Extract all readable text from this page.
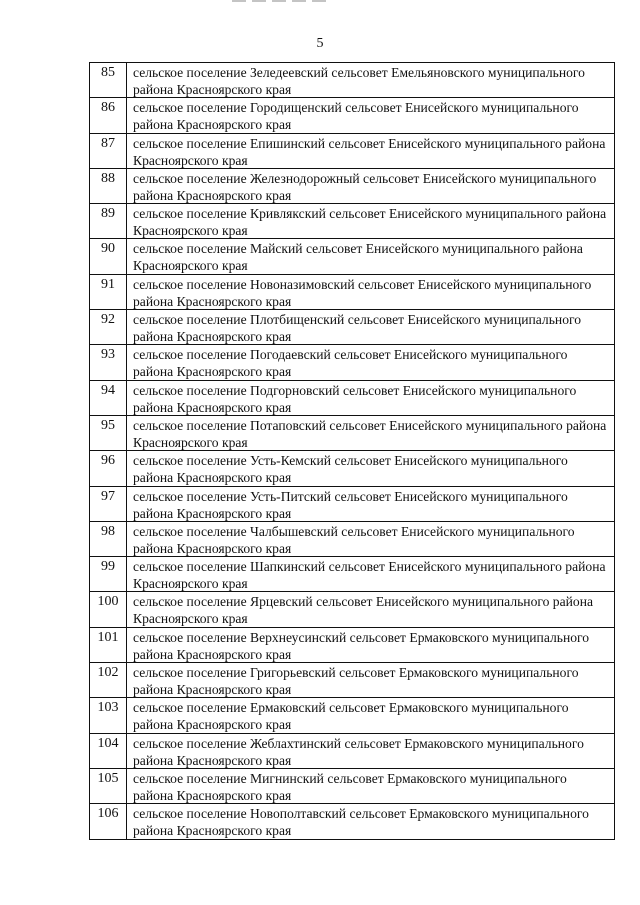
5
85	сельское поселение Зеледеевский сельсовет Емельяновского муниципального района Красноярского края
86	сельское поселение Городищенский сельсовет Енисейского муниципального района Красноярского края
87	сельское поселение Епишинский сельсовет Енисейского муниципального района Красноярского края
88	сельское поселение Железнодорожный сельсовет Енисейского муниципального района Красноярского края
89	сельское поселение Кривлякский сельсовет Енисейского муниципального района Красноярского края
90	сельское поселение Майский сельсовет Енисейского муниципального района Красноярского края
91	сельское поселение Новоназимовский сельсовет Енисейского муниципального района Красноярского края
92	сельское поселение Плотбищенский сельсовет Енисейского муниципального района Красноярского края
93	сельское поселение Погодаевский сельсовет Енисейского муниципального района Красноярского края
94	сельское поселение Подгорновский сельсовет Енисейского муниципального района Красноярского края
95	сельское поселение Потаповский сельсовет Енисейского муниципального района Красноярского края
96	сельское поселение Усть-Кемский сельсовет Енисейского муниципального района Красноярского края
97	сельское поселение Усть-Питский сельсовет Енисейского муниципального района Красноярского края
98	сельское поселение Чалбышевский сельсовет Енисейского муниципального района Красноярского края
99	сельское поселение Шапкинский сельсовет Енисейского муниципального района Красноярского края
100	сельское поселение Ярцевский сельсовет Енисейского муниципального района Красноярского края
101	сельское поселение Верхнеусинский сельсовет Ермаковского муниципального района Красноярского края
102	сельское поселение Григорьевский сельсовет Ермаковского муниципального района Красноярского края
103	сельское поселение Ермаковский сельсовет Ермаковского муниципального района Красноярского края
104	сельское поселение Жеблахтинский сельсовет Ермаковского муниципального района Красноярского края
105	сельское поселение Мигнинский сельсовет Ермаковского муниципального района Красноярского края
106	сельское поселение Новополтавский сельсовет Ермаковского муниципального района Красноярского края
